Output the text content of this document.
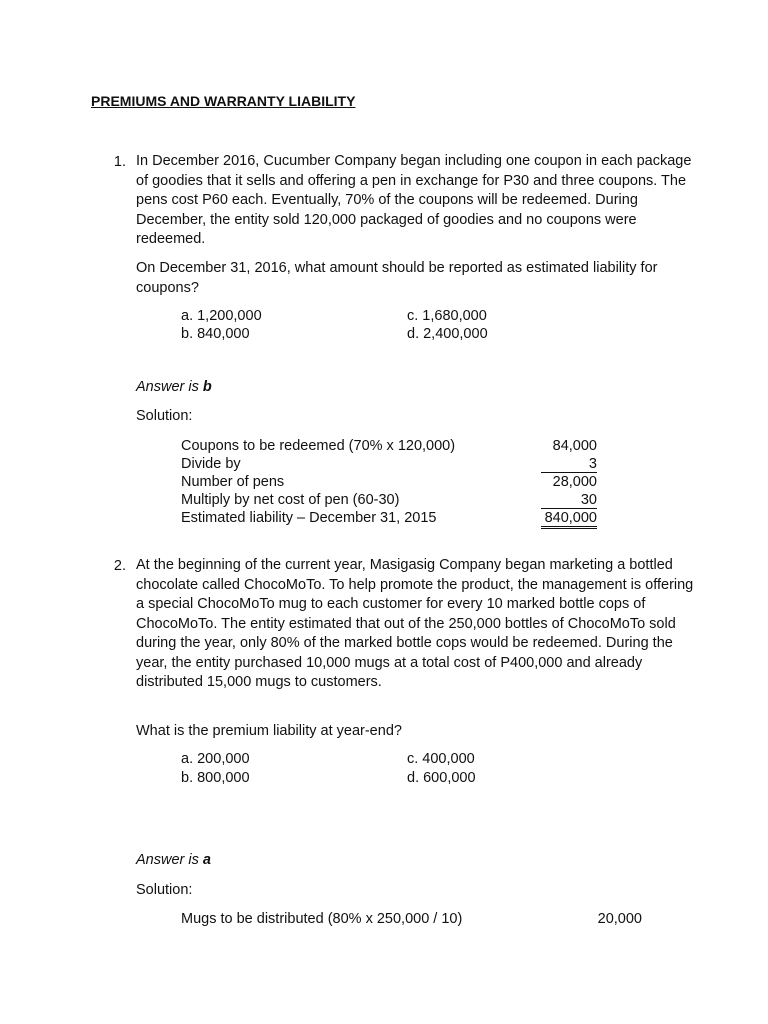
PREMIUMS AND WARRANTY LIABILITY
1. In December 2016, Cucumber Company began including one coupon in each package of goodies that it sells and offering a pen in exchange for P30 and three coupons. The pens cost P60 each. Eventually, 70% of the coupons will be redeemed. During December, the entity sold 120,000 packaged of goodies and no coupons were redeemed.
On December 31, 2016, what amount should be reported as estimated liability for coupons?
a. 1,200,000
b. 840,000
c. 1,680,000
d. 2,400,000
Answer is b
Solution:
Coupons to be redeemed (70% x 120,000)
Divide by
Number of pens
Multiply by net cost of pen (60-30)
Estimated liability – December 31, 2015
84,000
3
28,000
30
840,000
2. At the beginning of the current year, Masigasig Company began marketing a bottled chocolate called ChocoMoTo. To help promote the product, the management is offering a special ChocoMoTo mug to each customer for every 10 marked bottle cops of ChocoMoTo. The entity estimated that out of the 250,000 bottles of ChocoMoTo sold during the year, only 80% of the marked bottle cops would be redeemed. During the year, the entity purchased 10,000 mugs at a total cost of P400,000 and already distributed 15,000 mugs to customers.
What is the premium liability at year-end?
a. 200,000
b. 800,000
c. 400,000
d. 600,000
Answer is a
Solution:
Mugs to be distributed (80% x 250,000 / 10)	20,000
